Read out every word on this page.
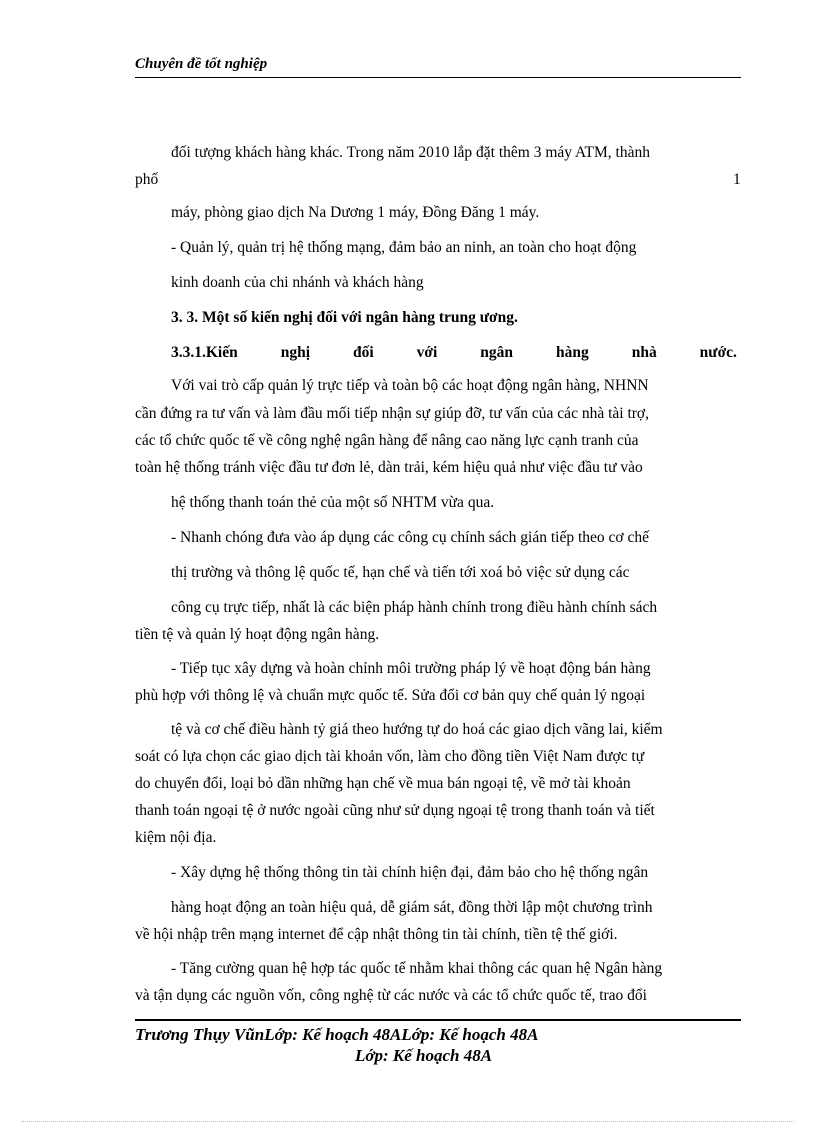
Chuyên đề tốt nghiệp
đối tượng khách hàng khác. Trong năm 2010 lắp đặt thêm 3 máy ATM, thành
phố	1
máy, phòng giao dịch Na Dương 1 máy, Đồng Đăng 1 máy.
- Quản lý, quản trị hệ thống mạng, đảm bảo an ninh, an toàn cho hoạt động
kinh doanh của chi nhánh và khách hàng
3. 3. Một số kiến nghị đối với ngân hàng trung ương.
3.3.1.Kiến	nghị	đối	với	ngân	hàng	nhà	nước.
Với vai trò cấp quản lý trực tiếp và toàn bộ các hoạt động ngân hàng, NHNN
cần đứng ra tư vấn và làm đầu mối tiếp nhận sự giúp đỡ, tư vấn của các nhà tài trợ,
các tổ chức quốc tế về công nghệ ngân hàng để nâng cao năng lực cạnh tranh của
toàn hệ thống tránh việc đầu tư đơn lẻ, dàn trải, kém hiệu quả như việc đầu tư vào
hệ thống thanh toán thẻ của một số NHTM vừa qua.
- Nhanh chóng đưa vào áp dụng các công cụ chính sách gián tiếp theo cơ chế
thị trường và thông lệ quốc tế, hạn chế và tiến tới xoá bỏ việc sử dụng các
công cụ trực tiếp, nhất là các biện pháp hành chính trong điều hành chính sách
tiền tệ và quản lý hoạt động ngân hàng.
- Tiếp tục xây dựng và hoàn chỉnh môi trường pháp lý về hoạt động bán hàng
phù hợp với thông lệ và chuẩn mực quốc tế. Sửa đổi cơ bản quy chế quản lý ngoại
tệ và cơ chế điều hành tỷ giá theo hướng tự do hoá các giao dịch vãng lai, kiểm
soát có lựa chọn các giao dịch tài khoản vốn, làm cho đồng tiền Việt Nam được tự
do chuyển đổi, loại bỏ dần những hạn chế về mua bán ngoại tệ, về mở tài khoản
thanh toán ngoại tệ ở nước ngoài cũng như sử dụng ngoại tệ trong thanh toán và tiết
kiệm nội địa.
- Xây dựng hệ thống thông tin tài chính hiện đại, đảm bảo cho hệ thống ngân
hàng hoạt động an toàn hiệu quả, dễ giám sát, đồng thời lập một chương trình
về hội nhập trên mạng internet để cập nhật thông tin tài chính, tiền tệ thế giới.
- Tăng cường quan hệ hợp tác quốc tế nhằm khai thông các quan hệ Ngân hàng
và tận dụng các nguồn vốn, công nghệ từ các nước và các tổ chức quốc tế, trao đổi
Trương Thụy VũnLớp: Kế hoạch 48ALớp: Kế hoạch 48A
Lớp: Kế hoạch 48A
